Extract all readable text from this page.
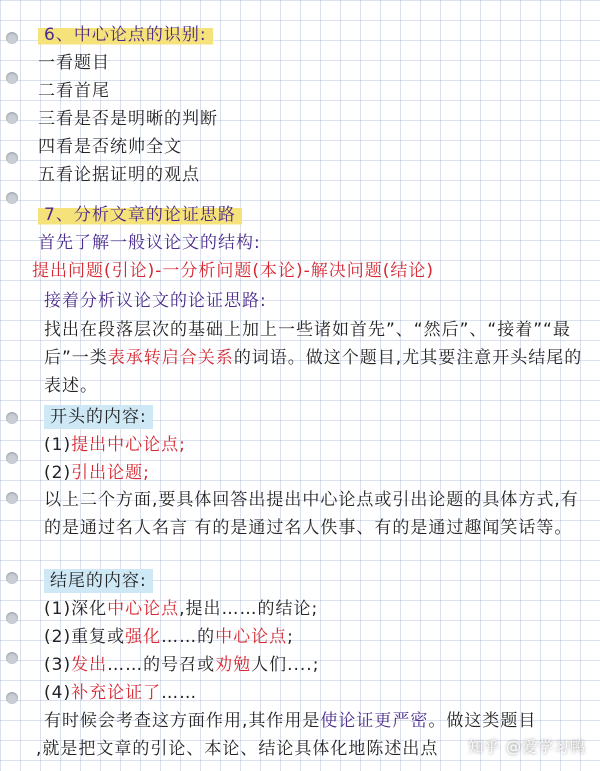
6、中心论点的识别:
一看题目
二看首尾
三看是否是明晰的判断
四看是否统帅全文
五看论据证明的观点
7、分析文章的论证思路
首先了解一般议论文的结构:
提出问题(引论)-一分析问题(本论)-解决问题(结论)
接着分析议论文的论证思路:
找出在段落层次的基础上加上一些诸如首先”、“然后”、“接着”“最后”一类表承转启合关系的词语。做这个题目,尤其要注意开头结尾的表述。
开头的内容:
(1)提出中心论点;
(2)引出论题;
以上二个方面,要具体回答出提出中心论点或引出论题的具体方式,有的是通过名人名言 有的是通过名人佚事、有的是通过趣闻笑话等。
结尾的内容:
(1)深化中心论点,提出……的结论;
(2)重复或强化……的中心论点;
(3)发出……的号召或劝勉人们....;
(4)补充论证了……
有时候会考查这方面作用,其作用是使论证更严密。做这类题目
,就是把文章的引论、本论、结论具体化地陈述出点	知乎 @爱学习鸭
